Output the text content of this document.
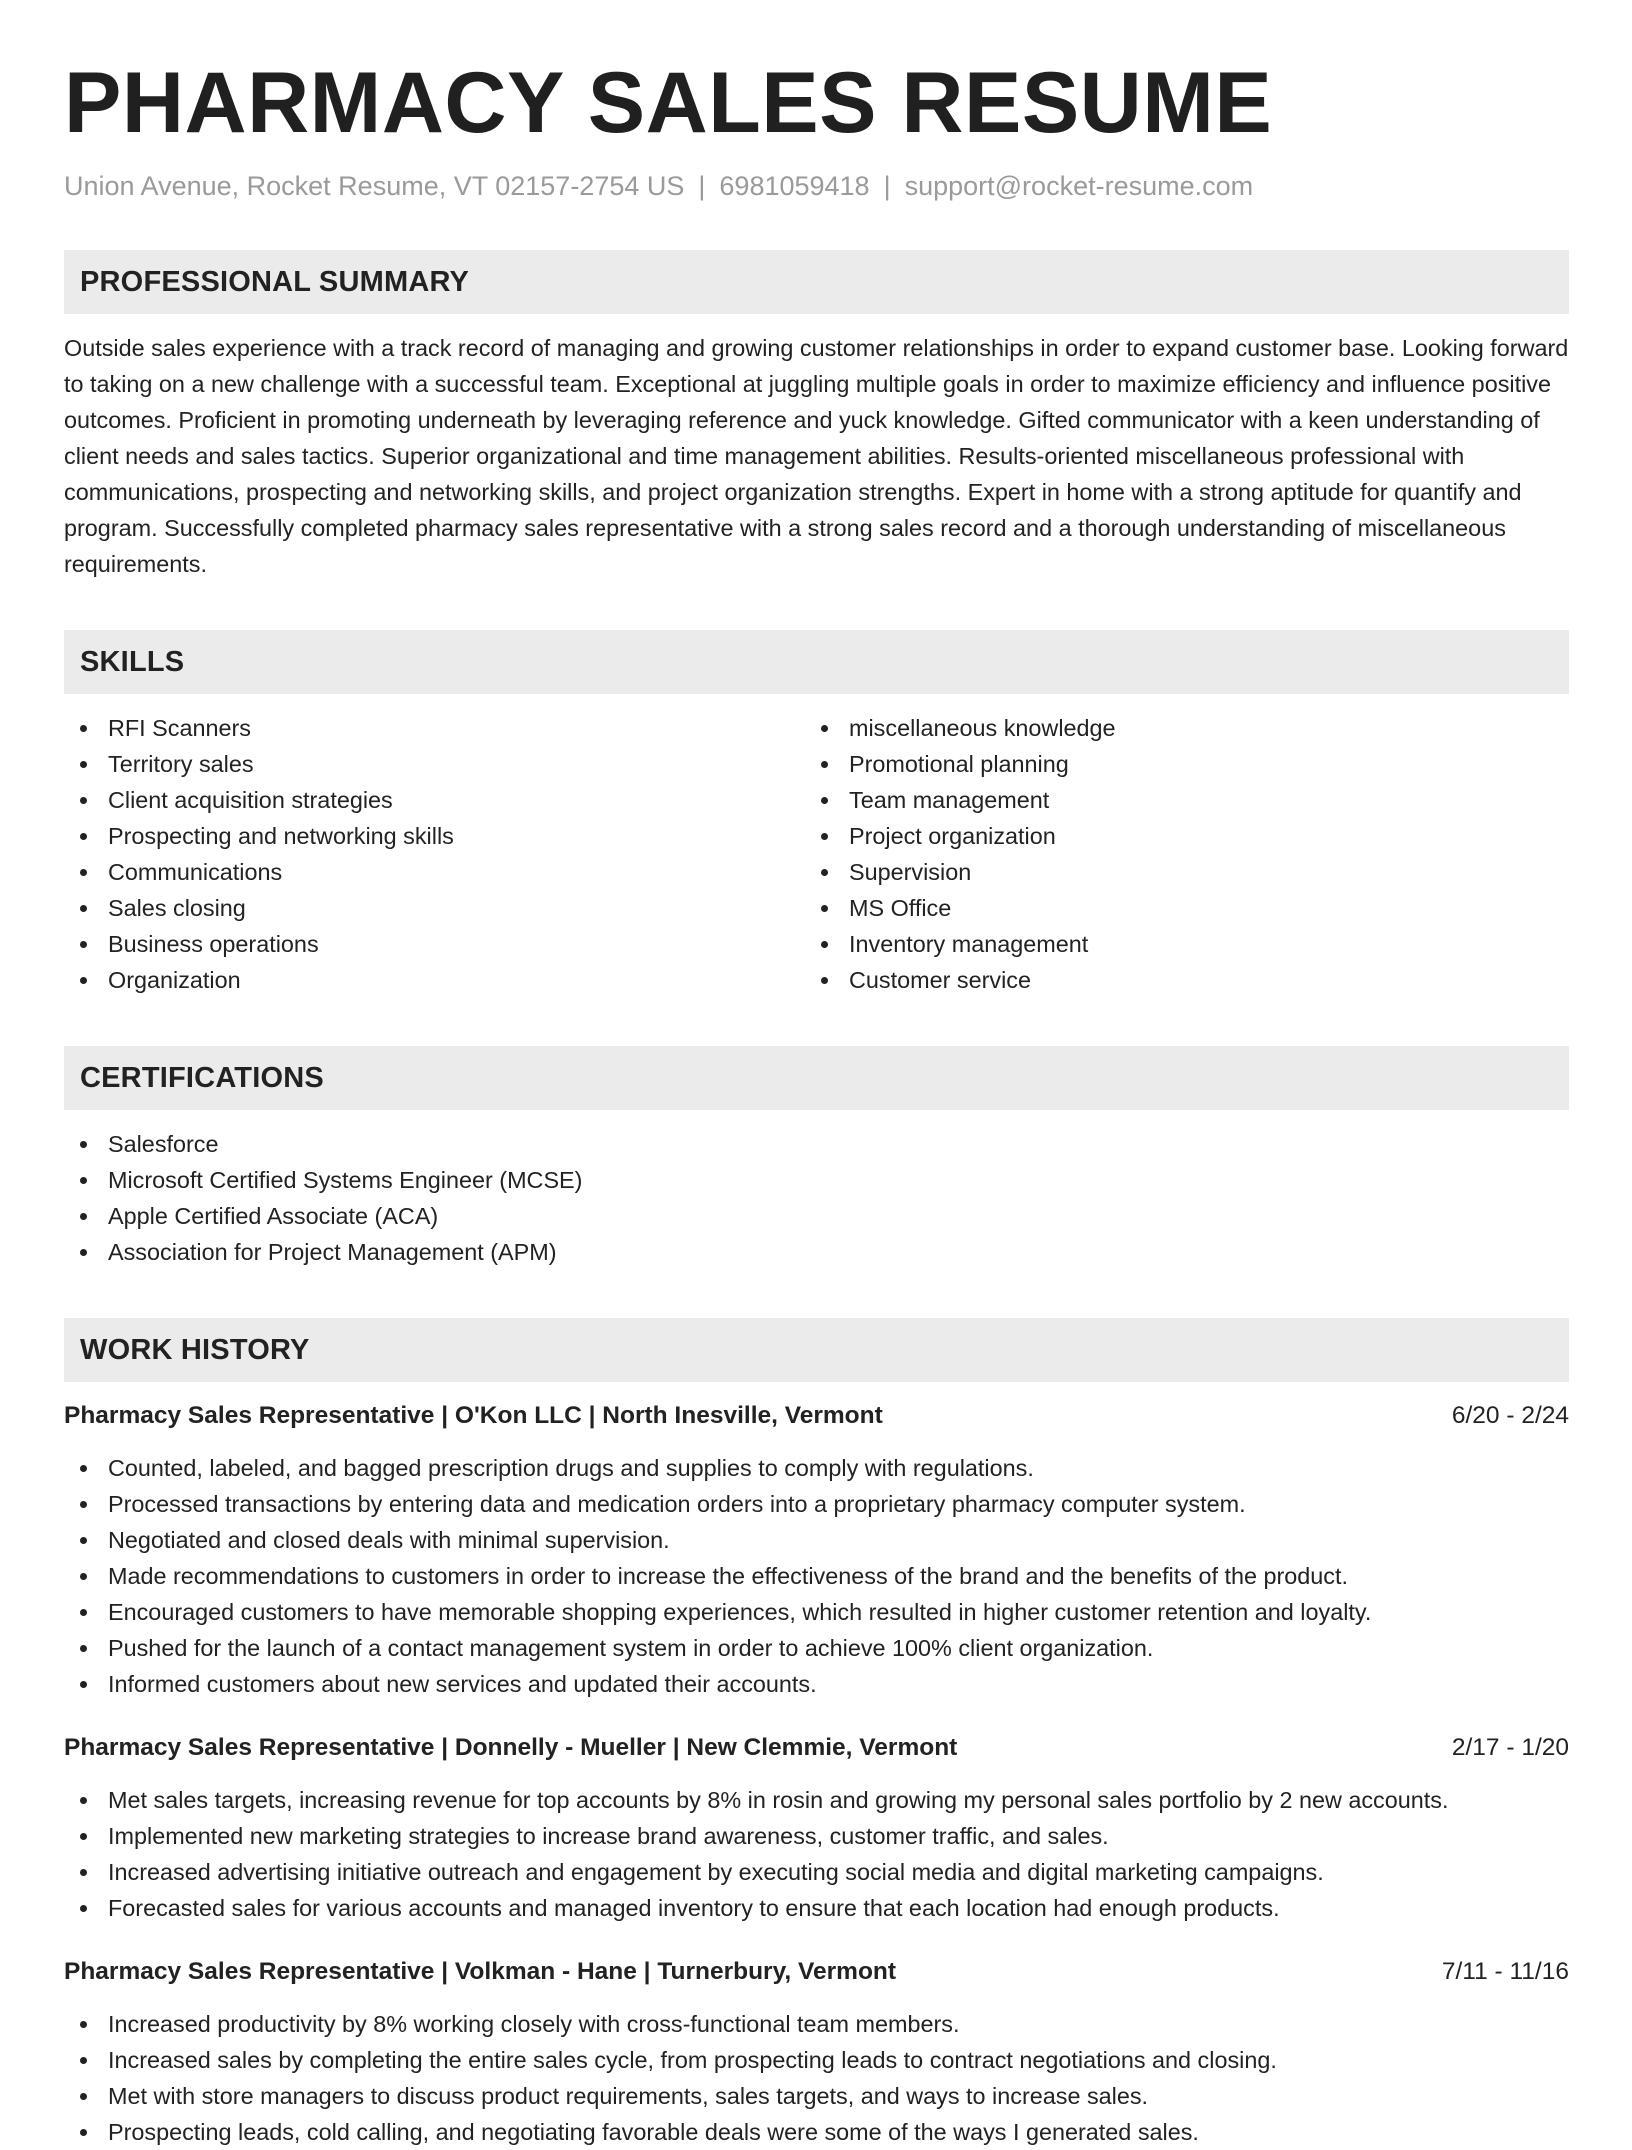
PHARMACY SALES RESUME
Union Avenue, Rocket Resume, VT 02157-2754 US | 6981059418 | support@rocket-resume.com
PROFESSIONAL SUMMARY
Outside sales experience with a track record of managing and growing customer relationships in order to expand customer base. Looking forward to taking on a new challenge with a successful team. Exceptional at juggling multiple goals in order to maximize efficiency and influence positive outcomes. Proficient in promoting underneath by leveraging reference and yuck knowledge. Gifted communicator with a keen understanding of client needs and sales tactics. Superior organizational and time management abilities. Results-oriented miscellaneous professional with communications, prospecting and networking skills, and project organization strengths. Expert in home with a strong aptitude for quantify and program. Successfully completed pharmacy sales representative with a strong sales record and a thorough understanding of miscellaneous requirements.
SKILLS
RFI Scanners
Territory sales
Client acquisition strategies
Prospecting and networking skills
Communications
Sales closing
Business operations
Organization
miscellaneous knowledge
Promotional planning
Team management
Project organization
Supervision
MS Office
Inventory management
Customer service
CERTIFICATIONS
Salesforce
Microsoft Certified Systems Engineer (MCSE)
Apple Certified Associate (ACA)
Association for Project Management (APM)
WORK HISTORY
Pharmacy Sales Representative | O'Kon LLC | North Inesville, Vermont	6/20 - 2/24
Counted, labeled, and bagged prescription drugs and supplies to comply with regulations.
Processed transactions by entering data and medication orders into a proprietary pharmacy computer system.
Negotiated and closed deals with minimal supervision.
Made recommendations to customers in order to increase the effectiveness of the brand and the benefits of the product.
Encouraged customers to have memorable shopping experiences, which resulted in higher customer retention and loyalty.
Pushed for the launch of a contact management system in order to achieve 100% client organization.
Informed customers about new services and updated their accounts.
Pharmacy Sales Representative | Donnelly - Mueller | New Clemmie, Vermont	2/17 - 1/20
Met sales targets, increasing revenue for top accounts by 8% in rosin and growing my personal sales portfolio by 2 new accounts.
Implemented new marketing strategies to increase brand awareness, customer traffic, and sales.
Increased advertising initiative outreach and engagement by executing social media and digital marketing campaigns.
Forecasted sales for various accounts and managed inventory to ensure that each location had enough products.
Pharmacy Sales Representative | Volkman - Hane | Turnerbury, Vermont	7/11 - 11/16
Increased productivity by 8% working closely with cross-functional team members.
Increased sales by completing the entire sales cycle, from prospecting leads to contract negotiations and closing.
Met with store managers to discuss product requirements, sales targets, and ways to increase sales.
Prospecting leads, cold calling, and negotiating favorable deals were some of the ways I generated sales.
